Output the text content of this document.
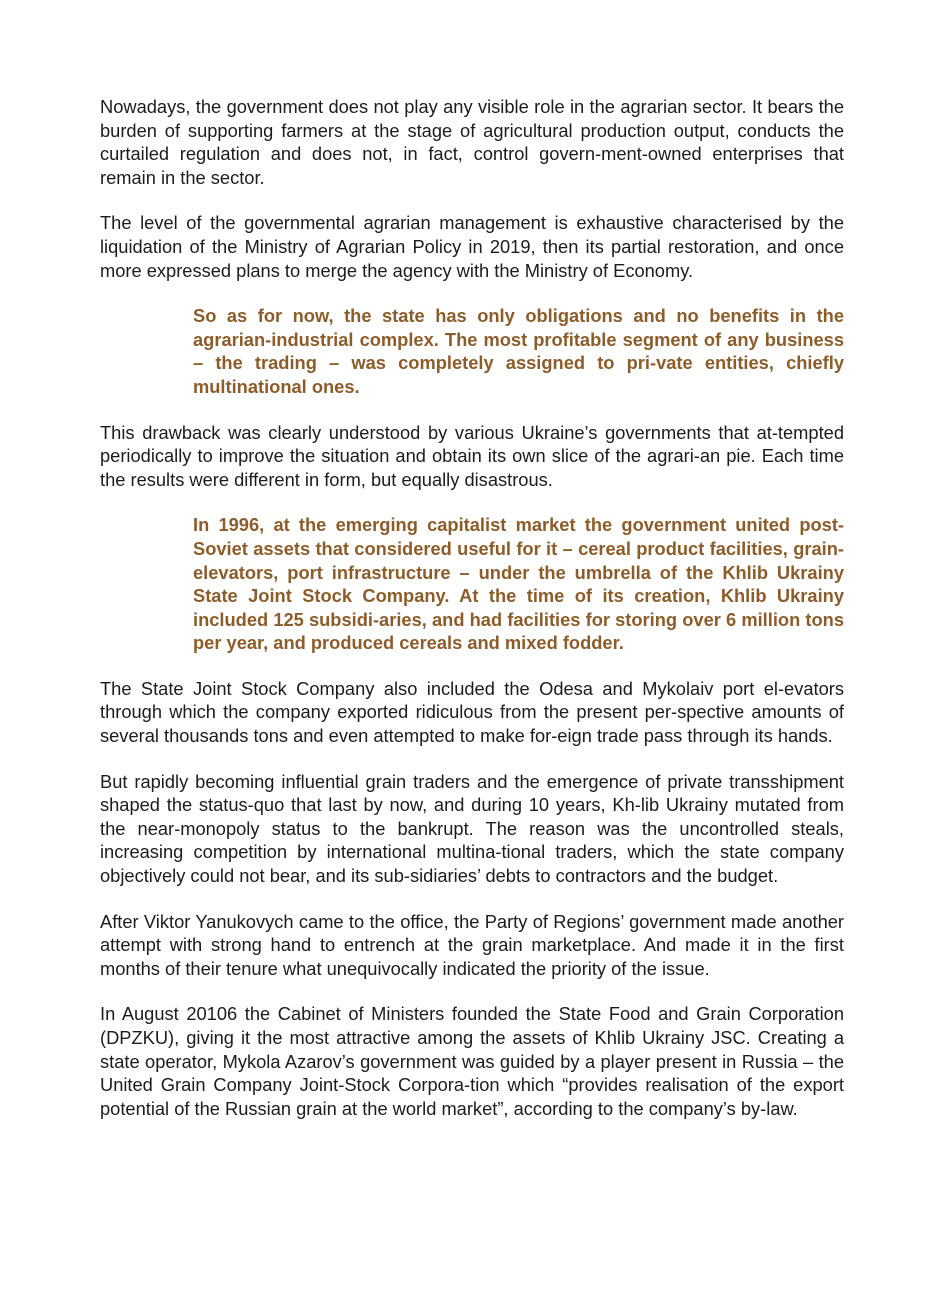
Nowadays, the government does not play any visible role in the agrarian sector. It bears the burden of supporting farmers at the stage of agricultural production output, conducts the curtailed regulation and does not, in fact, control govern-ment-owned enterprises that remain in the sector.

The level of the governmental agrarian management is exhaustive characterised by the liquidation of the Ministry of Agrarian Policy in 2019, then its partial restoration, and once more expressed plans to merge the agency with the Ministry of Economy.

So as for now, the state has only obligations and no benefits in the agrarian-industrial complex. The most profitable segment of any business – the trading – was completely assigned to pri-vate entities, chiefly multinational ones.

This drawback was clearly understood by various Ukraine’s governments that at-tempted periodically to improve the situation and obtain its own slice of the agrari-an pie. Each time the results were different in form, but equally disastrous.

In 1996, at the emerging capitalist market the government united post-Soviet assets that considered useful for it – cereal product facilities, grain-elevators, port infrastructure – under the umbrella of the Khlib Ukrainy State Joint Stock Company. At the time of its creation, Khlib Ukrainy included 125 subsidi-aries, and had facilities for storing over 6 million tons per year, and produced cereals and mixed fodder.

The State Joint Stock Company also included the Odesa and Mykolaiv port el-evators through which the company exported ridiculous from the present per-spective amounts of several thousands tons and even attempted to make for-eign trade pass through its hands.

But rapidly becoming influential grain traders and the emergence of private transshipment shaped the status-quo that last by now, and during 10 years, Kh-lib Ukrainy mutated from the near-monopoly status to the bankrupt. The reason was the uncontrolled steals, increasing competition by international multina-tional traders, which the state company objectively could not bear, and its sub-sidiaries’ debts to contractors and the budget.

After Viktor Yanukovych came to the office, the Party of Regions’ government made another attempt with strong hand to entrench at the grain marketplace. And made it in the first months of their tenure what unequivocally indicated the priority of the issue.

In August 20106 the Cabinet of Ministers founded the State Food and Grain Corporation (DPZKU), giving it the most attractive among the assets of Khlib Ukrainy JSC. Creating a state operator, Mykola Azarov’s government was guided by a player present in Russia – the United Grain Company Joint-Stock Corpora-tion which “provides realisation of the export potential of the Russian grain at the world market”, according to the company’s by-law.
